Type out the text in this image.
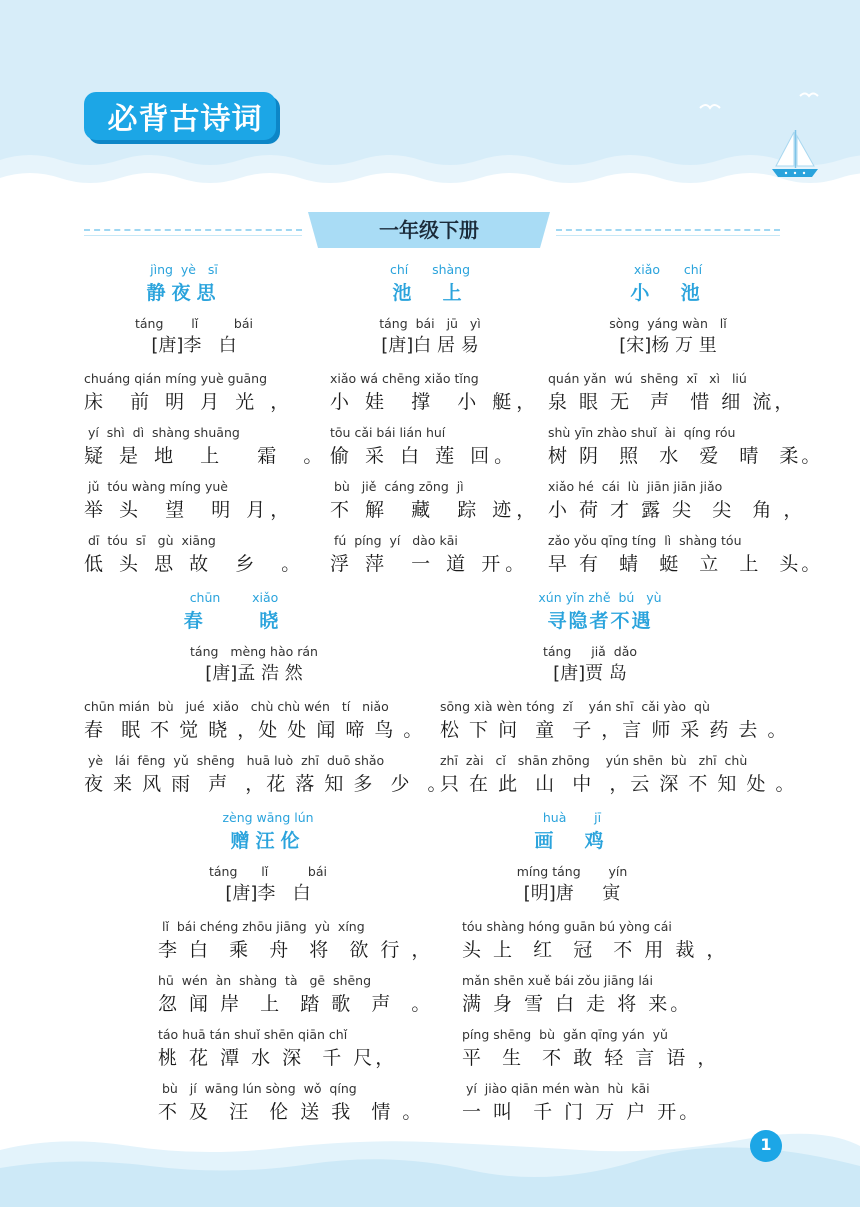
必背古诗词
一年级下册
jìng  yè   sī
静夜思
táng       lǐ         bái
[唐]李   白
chuáng qián míng yuè guāng
床  前 明 月 光 ，
yí  shì  dì  shàng shuāng
疑 是 地  上   霜  。
jǔ  tóu wàng míng yuè
举 头  望  明 月，
dī  tóu  sī   gù  xiāng
低 头 思 故  乡  。
chí      shàng
池  上
táng  bái   jū   yì
[唐]白 居 易
xiǎo wá chēng xiǎo tǐng
小 娃  撑  小 艇，
tōu cǎi bái lián huí
偷 采 白 莲 回。
bù   jiě  cáng zōng  jì
不 解  藏  踪 迹，
fú  píng  yí   dào kāi
浮 萍  一 道 开。
xiǎo      chí
小  池
sòng  yáng wàn   lǐ
[宋]杨 万 里
quán yǎn  wú  shēng  xī   xì   liú
泉 眼 无  声  惜 细 流，
shù yīn zhào shuǐ  ài  qíng róu
树 阴  照  水  爱  晴  柔。
xiǎo hé  cái  lù  jiān jiān jiǎo
小 荷 才 露 尖  尖  角 ，
zǎo yǒu qīng tíng  lì  shàng tóu
早 有  蜻  蜓  立  上  头。
chūn        xiǎo
春    晓
táng   mèng hào rán
[唐]孟 浩 然
chūn mián  bù   jué  xiǎo   chù chù wén   tí   niǎo
春  眠 不 觉 晓 ，处 处 闻 啼 鸟 。
yè   lái  fēng  yǔ  shēng   huā luò  zhī  duō shǎo
夜 来 风 雨  声  ，花 落 知 多  少  。
xún yǐn zhě  bú   yù
寻隐者不遇
táng     jiǎ  dǎo
[唐]贾 岛
sōng xià wèn tóng  zǐ    yán shī  cǎi yào  qù
松 下 问  童  子 ，言 师 采 药 去 。
zhī  zài   cǐ   shān zhōng    yún shēn  bù   zhī  chù
只 在 此  山  中  ，云 深 不 知 处 。
zèng wāng lún
赠汪伦
táng      lǐ          bái
[唐]李   白
lǐ  bái chéng zhōu jiāng  yù  xíng
李 白  乘  舟  将  欲 行 ，
hū  wén  àn  shàng  tà   gē  shēng
忽 闻 岸  上  踏 歌  声  。
táo huā tán shuǐ shēn qiān chǐ
桃 花 潭 水 深  千 尺，
bù   jí  wāng lún sòng  wǒ  qíng
不 及  汪  伦 送 我  情 。
huà       jī
画  鸡
míng táng       yín
[明]唐     寅
tóu shàng hóng guān bú yòng cái
头 上  红  冠  不 用 裁 ，
mǎn shēn xuě bái zǒu jiāng lái
满 身 雪 白 走 将 来。
píng shēng  bù  gǎn qīng yán  yǔ
平  生  不 敢 轻 言 语 ，
yí  jiào qiān mén wàn  hù  kāi
一 叫  千 门 万 户 开。
1
